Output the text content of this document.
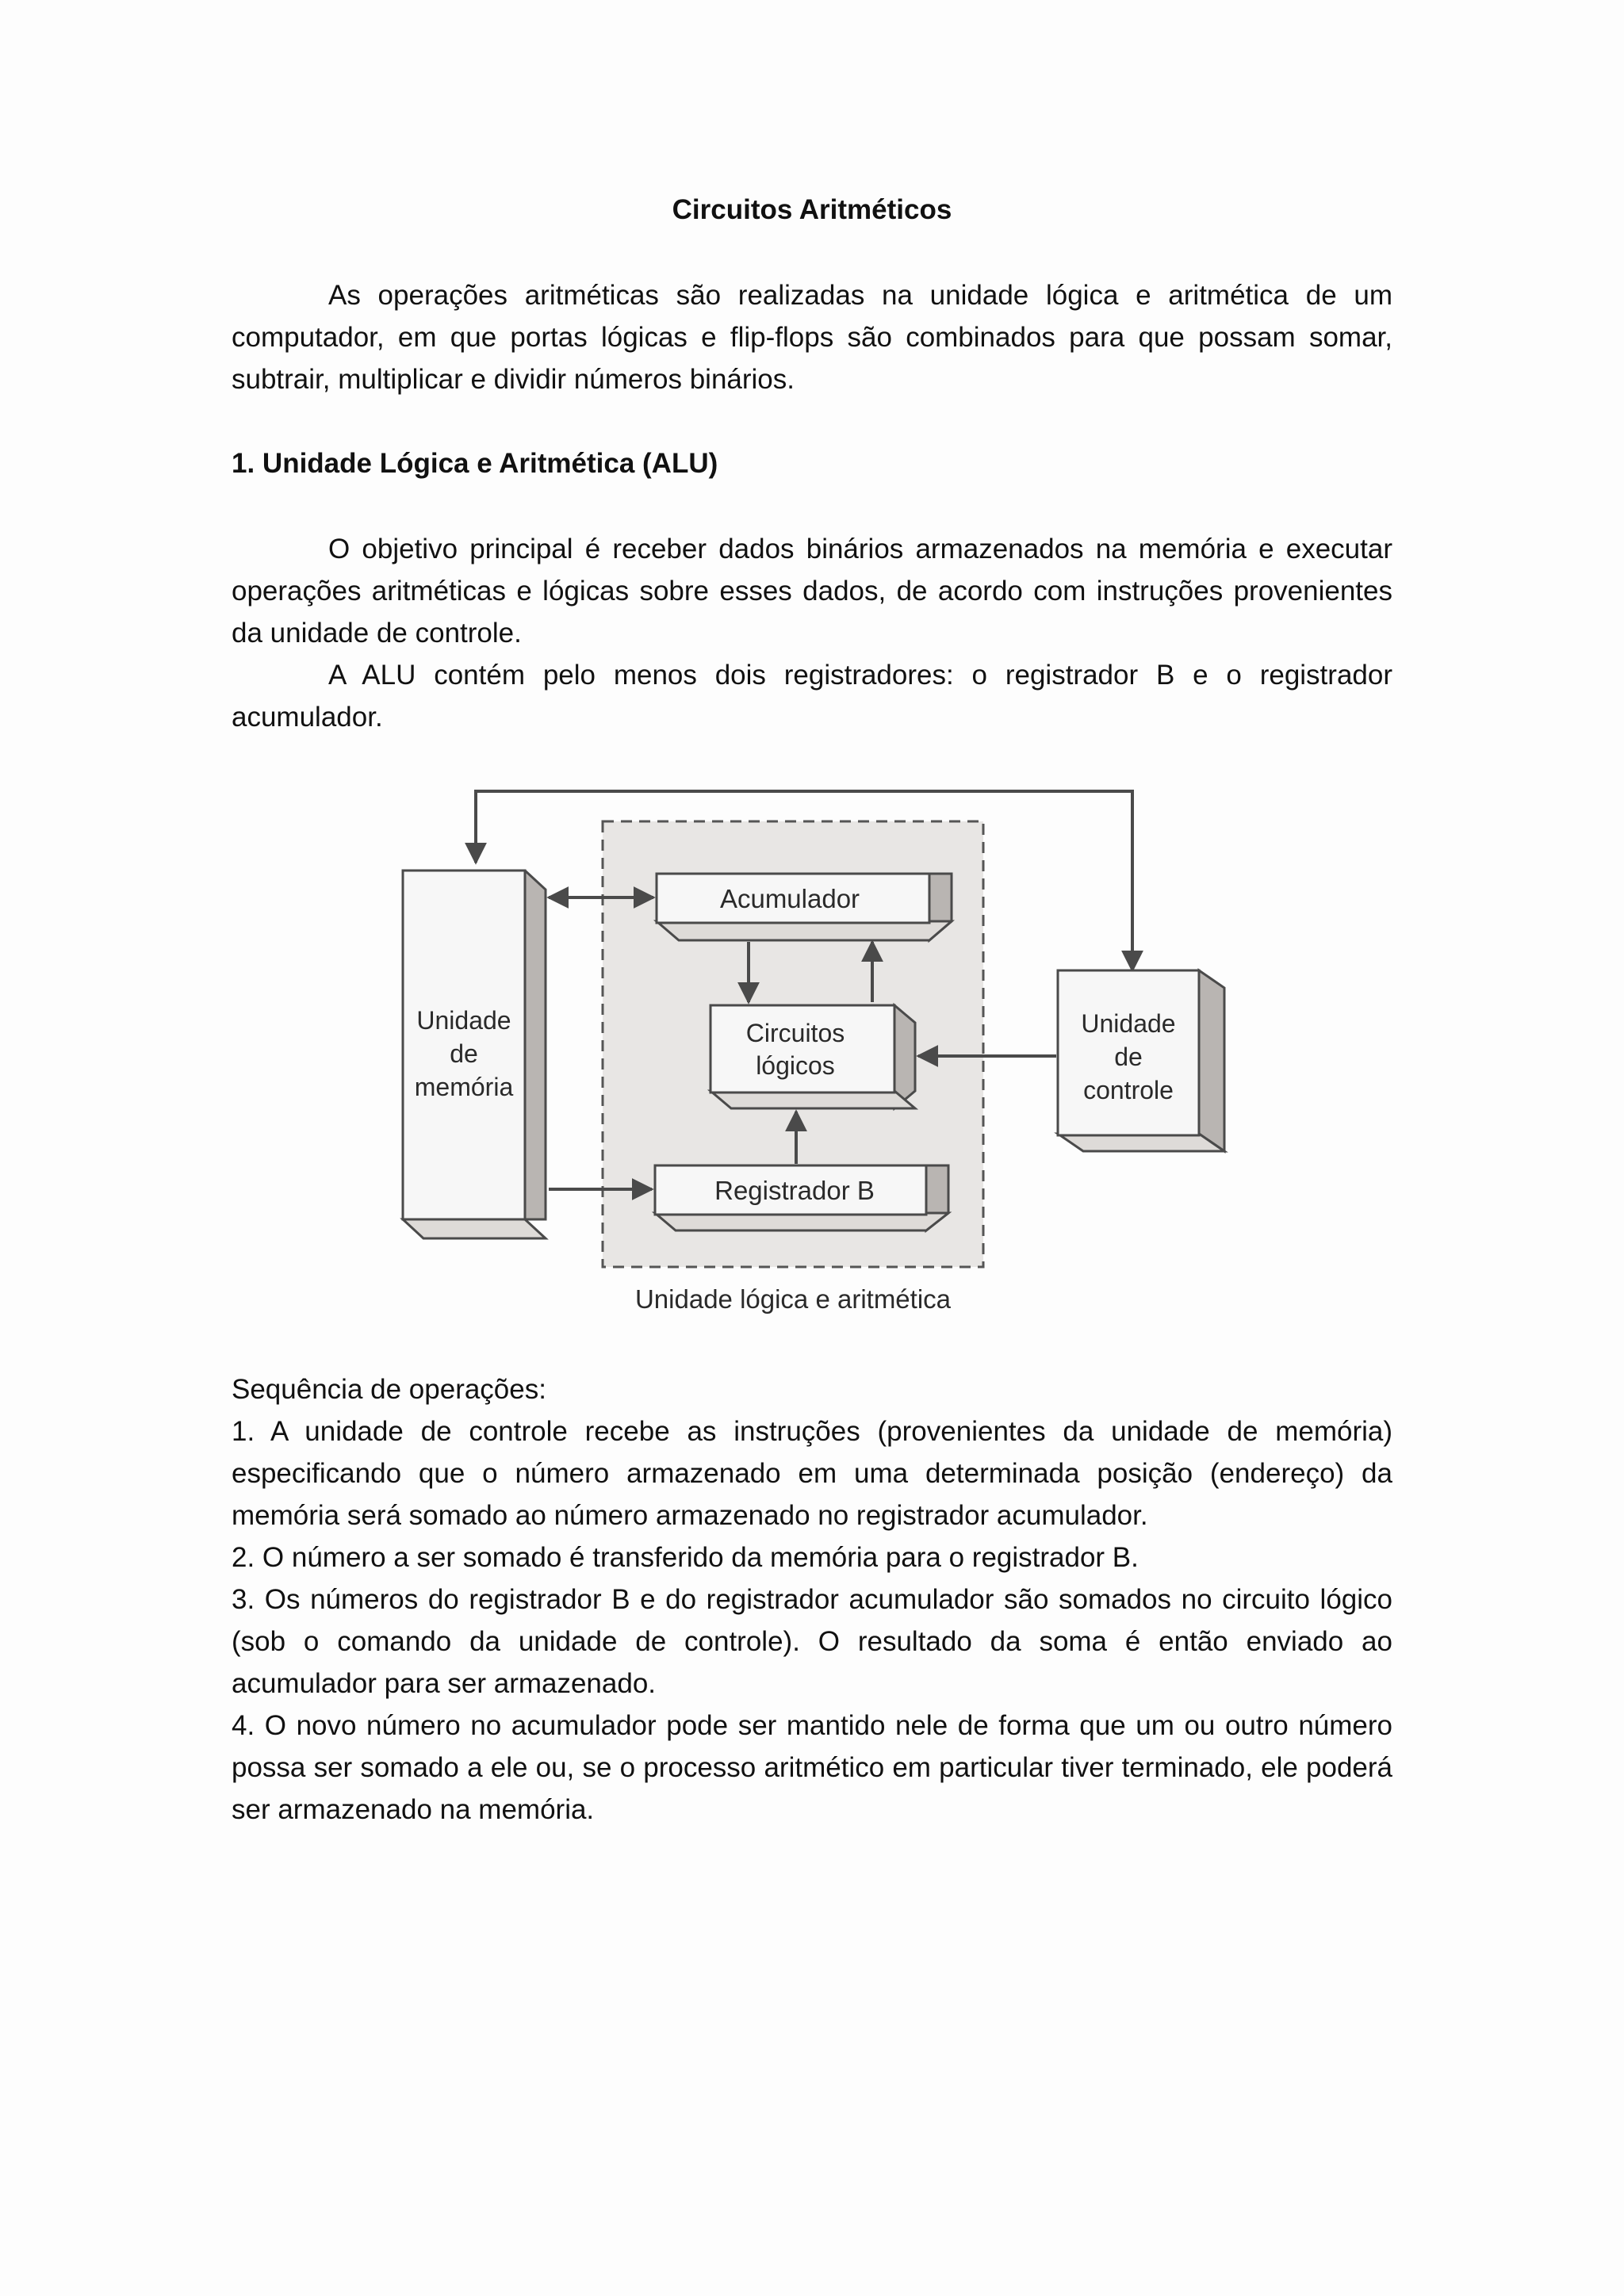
Circuitos Aritméticos

As operações aritméticas são realizadas na unidade lógica e aritmética de um computador, em que portas lógicas e flip-flops são combinados para que possam somar, subtrair, multiplicar e dividir números binários.

1. Unidade Lógica e Aritmética (ALU)

O objetivo principal é receber dados binários armazenados na memória e executar operações aritméticas e lógicas sobre esses dados, de acordo com instruções provenientes da unidade de controle.

A ALU contém pelo menos dois registradores: o registrador B e o registrador acumulador.

Unidade
de
memória
Acumulador
Circuitos
lógicos
Registrador B
Unidade
de
controle
Unidade lógica e aritmética

Sequência de operações:

1. A unidade de controle recebe as instruções (provenientes da unidade de memória) especificando que o número armazenado em uma determinada posição (endereço) da memória será somado ao número armazenado no registrador acumulador.

2. O número a ser somado é transferido da memória para o registrador B.

3. Os números do registrador B e do registrador acumulador são somados no circuito lógico (sob o comando da unidade de controle). O resultado da soma é então enviado ao acumulador para ser armazenado.

4. O novo número no acumulador pode ser mantido nele de forma que um ou outro número possa ser somado a ele ou, se o processo aritmético em particular tiver terminado, ele poderá ser armazenado na memória.
